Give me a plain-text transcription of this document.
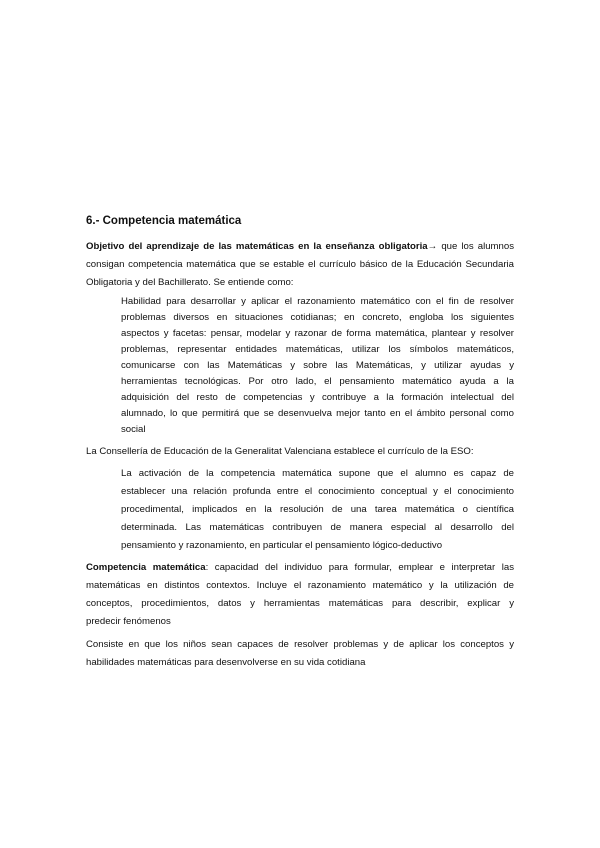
6.- Competencia matemática
Objetivo del aprendizaje de las matemáticas en la enseñanza obligatoria→ que los alumnos
consigan competencia matemática que se estable el currículo básico de la Educación Secundaria
Obligatoria y del Bachillerato. Se entiende como:
Habilidad para desarrollar y aplicar el razonamiento matemático con el fin de resolver
problemas diversos en situaciones cotidianas; en concreto, engloba los siguientes
aspectos y facetas: pensar, modelar y razonar de forma matemática, plantear y resolver
problemas, representar entidades matemáticas, utilizar los símbolos matemáticos,
comunicarse con las Matemáticas y sobre las Matemáticas, y utilizar ayudas y
herramientas tecnológicas. Por otro lado, el pensamiento matemático ayuda a la
adquisición del resto de competencias y contribuye a la formación intelectual del
alumnado, lo que permitirá que se desenvuelva mejor tanto en el ámbito personal como
social
La Consellería de Educación de la Generalitat Valenciana establece el currículo de la ESO:
La activación de la competencia matemática supone que el alumno es capaz de
establecer una relación profunda entre el conocimiento conceptual y el conocimiento
procedimental, implicados en la resolución de una tarea matemática o científica
determinada. Las matemáticas contribuyen de manera especial al desarrollo del
pensamiento y razonamiento, en particular el pensamiento lógico-deductivo
Competencia matemática: capacidad del individuo para formular, emplear e interpretar las
matemáticas en distintos contextos. Incluye el razonamiento matemático y la utilización de
conceptos, procedimientos, datos y herramientas matemáticas para describir, explicar y
predecir fenómenos
Consiste en que los niños sean capaces de resolver problemas y de aplicar los conceptos y
habilidades matemáticas para desenvolverse en su vida cotidiana
